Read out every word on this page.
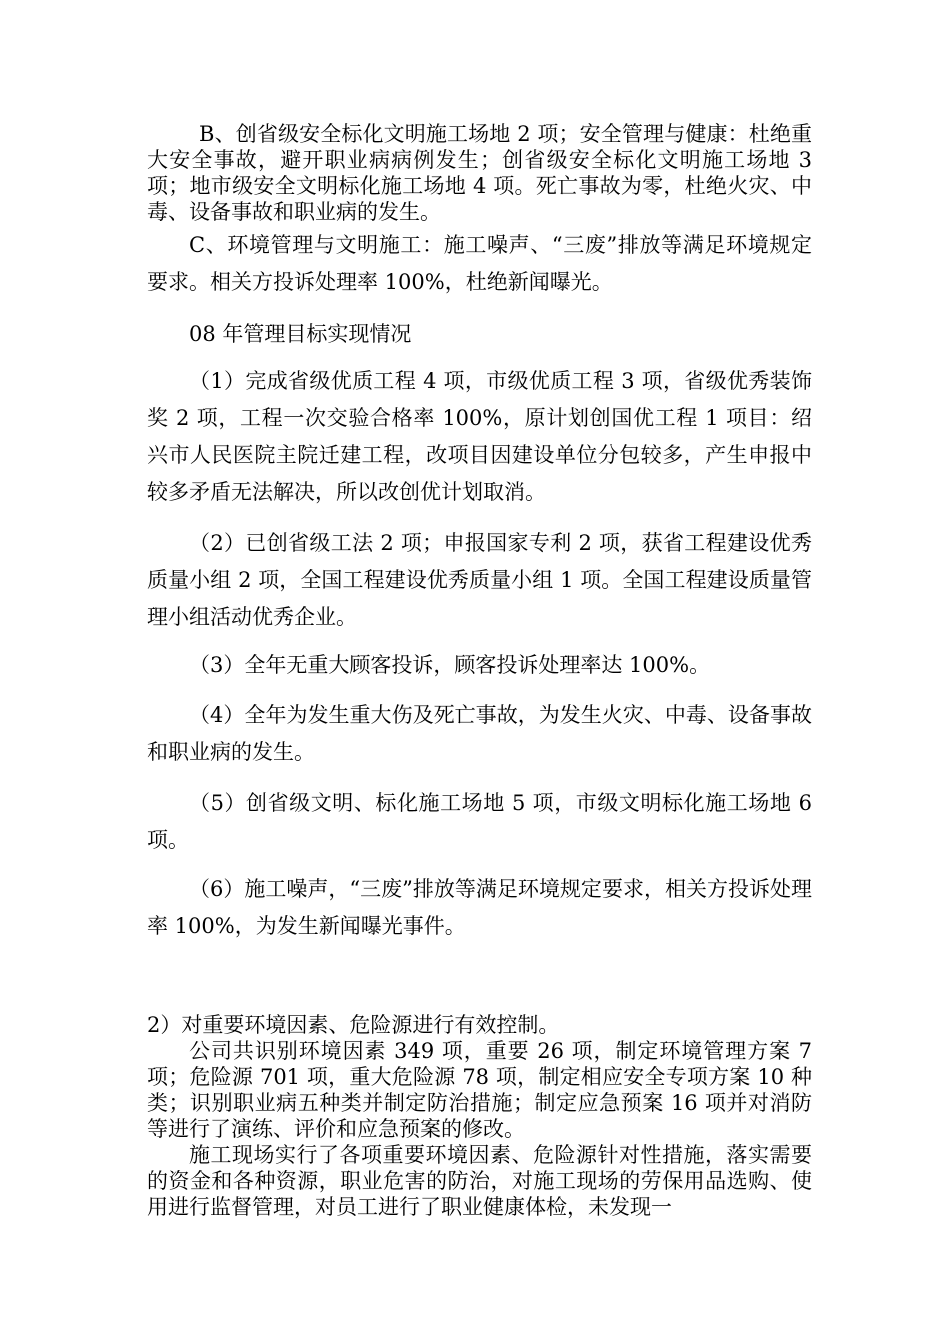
B、创省级安全标化文明施工场地 2 项；安全管理与健康：杜绝重大安全事故，避开职业病病例发生；创省级安全标化文明施工场地 3 项；地市级安全文明标化施工场地 4 项。死亡事故为零，杜绝火灾、中毒、设备事故和职业病的发生。

C、环境管理与文明施工：施工噪声、“三废”排放等满足环境规定要求。相关方投诉处理率 100%，杜绝新闻曝光。

08 年管理目标实现情况

（1）完成省级优质工程 4 项，市级优质工程 3 项，省级优秀装饰奖 2 项，工程一次交验合格率 100%，原计划创国优工程 1 项目：绍兴市人民医院主院迁建工程，改项目因建设单位分包较多，产生申报中较多矛盾无法解决，所以改创优计划取消。

（2）已创省级工法 2 项；申报国家专利 2 项，获省工程建设优秀质量小组 2 项，全国工程建设优秀质量小组 1 项。全国工程建设质量管理小组活动优秀企业。

（3）全年无重大顾客投诉，顾客投诉处理率达 100%。

（4）全年为发生重大伤及死亡事故，为发生火灾、中毒、设备事故和职业病的发生。

（5）创省级文明、标化施工场地 5 项，市级文明标化施工场地 6 项。

（6）施工噪声，“三废”排放等满足环境规定要求，相关方投诉处理率 100%，为发生新闻曝光事件。

2）对重要环境因素、危险源进行有效控制。

公司共识别环境因素 349 项，重要 26 项，制定环境管理方案 7 项；危险源 701 项，重大危险源 78 项，制定相应安全专项方案 10 种类；识别职业病五种类并制定防治措施；制定应急预案 16 项并对消防等进行了演练、评价和应急预案的修改。

施工现场实行了各项重要环境因素、危险源针对性措施，落实需要的资金和各种资源，职业危害的防治，对施工现场的劳保用品选购、使用进行监督管理，对员工进行了职业健康体检，未发现一
